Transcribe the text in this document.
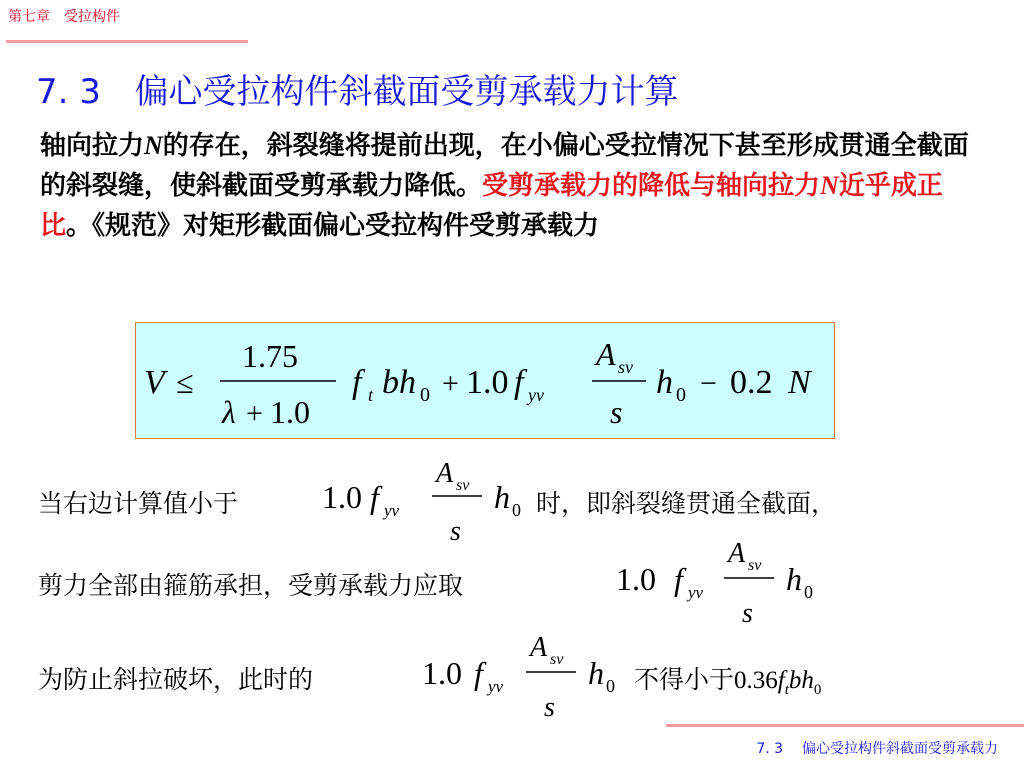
第七章　受拉构件
7. 3 偏心受拉构件斜截面受剪承载力计算
轴向拉力N的存在，斜裂缝将提前出现，在小偏心受拉情况下甚至形成贯通全截面的斜裂缝，使斜截面受剪承载力降低。受剪承载力的降低与轴向拉力N近乎成正比。《规范》对矩形截面偏心受拉构件受剪承载力
V ≤
1.75
λ + 1.0
f t bh 0 + 1.0 f yv
A sv
s
h 0 − 0.2 N
当右边计算值小于	1.0 f yv
A sv
s
h 0 时，即斜裂缝贯通全截面，
剪力全部由箍筋承担，受剪承载力应取	1.0 f yv
A sv
s
h 0
为防止斜拉破坏，此时的	1.0 f yv
A sv
s
h 0 不得小于$0.36f_tbh_0$
7. 3 偏心受拉构件斜截面受剪承载力
